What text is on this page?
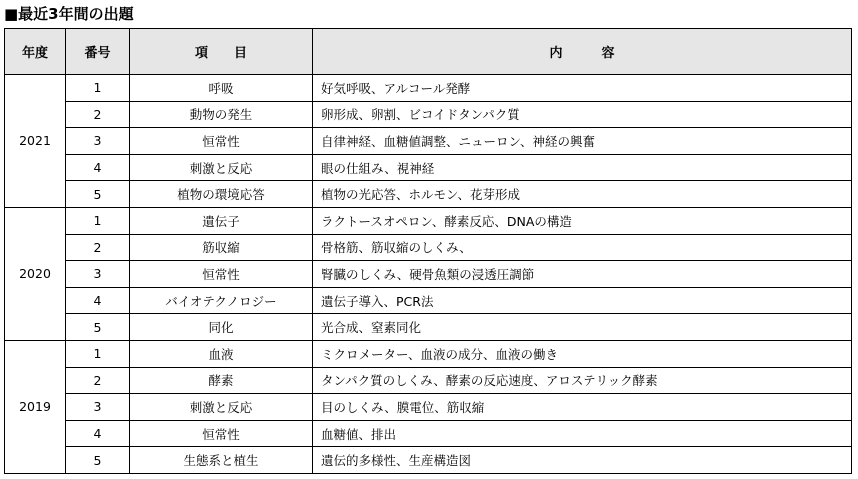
■最近3年間の出題
年度	番号	項　　目	内　　　容
2021	1	呼吸	好気呼吸、アルコール発酵
	2	動物の発生	卵形成、卵割、ビコイドタンパク質
	3	恒常性	自律神経、血糖値調整、ニューロン、神経の興奮
	4	刺激と反応	眼の仕組み、視神経
	5	植物の環境応答	植物の光応答、ホルモン、花芽形成
2020	1	遺伝子	ラクトースオペロン、酵素反応、DNAの構造
	2	筋収縮	骨格筋、筋収縮のしくみ、
	3	恒常性	腎臓のしくみ、硬骨魚類の浸透圧調節
	4	バイオテクノロジー	遺伝子導入、PCR法
	5	同化	光合成、窒素同化
2019	1	血液	ミクロメーター、血液の成分、血液の働き
	2	酵素	タンパク質のしくみ、酵素の反応速度、アロステリック酵素
	3	刺激と反応	目のしくみ、膜電位、筋収縮
	4	恒常性	血糖値、排出
	5	生態系と植生	遺伝的多様性、生産構造図
